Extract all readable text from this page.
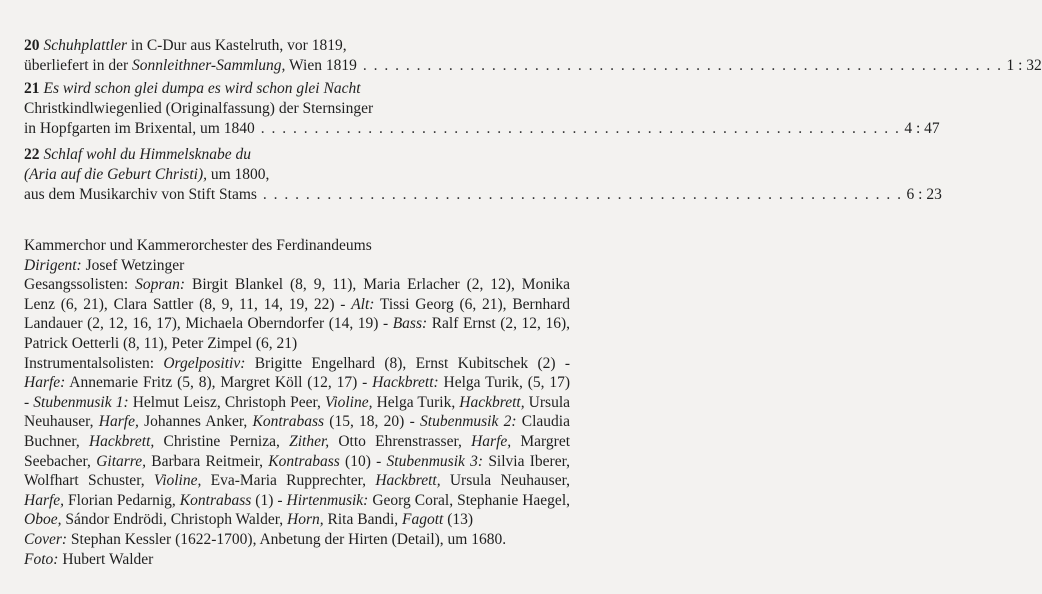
20 Schuhplattler in C-Dur aus Kastelruth, vor 1819,
überliefert in der Sonnleithner-Sammlung, Wien 1819 . . . . . . . . . . . . . . . . . . . . . . . . . . . . . . . . . . . . . . . . . . . . . . . . . . . . . . . . . . . . 1 : 32
21 Es wird schon glei dumpa es wird schon glei Nacht
Christkindlwiegenlied (Originalfassung) der Sternsinger
in Hopfgarten im Brixental, um 1840 . . . . . . . . . . . . . . . . . . . . . . . . . . . . . . . . . . . . . . . . . . . . . . . . . . . . . . . . . . . . 4 : 47
22 Schlaf wohl du Himmelsknabe du
(Aria auf die Geburt Christi), um 1800,
aus dem Musikarchiv von Stift Stams . . . . . . . . . . . . . . . . . . . . . . . . . . . . . . . . . . . . . . . . . . . . . . . . . . . . . . . . . . . . 6 : 23

Kammerchor und Kammerorchester des Ferdinandeums

Dirigent: Josef Wetzinger

Gesangssolisten: Sopran: Birgit Blankel (8, 9, 11), Maria Erlacher (2, 12), Monika

Lenz (6, 21), Clara Sattler (8, 9, 11, 14, 19, 22) - Alt: Tissi Georg (6, 21), Bernhard

Landauer (2, 12, 16, 17), Michaela Oberndorfer (14, 19) - Bass: Ralf Ernst (2, 12, 16),

Patrick Oetterli (8, 11), Peter Zimpel (6, 21)

Instrumentalsolisten: Orgelpositiv: Brigitte Engelhard (8), Ernst Kubitschek (2) -

Harfe: Annemarie Fritz (5, 8), Margret Köll (12, 17) - Hackbrett: Helga Turik, (5, 17)

- Stubenmusik 1: Helmut Leisz, Christoph Peer, Violine, Helga Turik, Hackbrett, Ursula

Neuhauser, Harfe, Johannes Anker, Kontrabass (15, 18, 20) - Stubenmusik 2: Claudia

Buchner, Hackbrett, Christine Perniza, Zither, Otto Ehrenstrasser, Harfe, Margret

Seebacher, Gitarre, Barbara Reitmeir, Kontrabass (10) - Stubenmusik 3: Silvia Iberer,

Wolfhart Schuster, Violine, Eva-Maria Rupprechter, Hackbrett, Ursula Neuhauser,

Harfe, Florian Pedarnig, Kontrabass (1) - Hirtenmusik: Georg Coral, Stephanie Haegel,

Oboe, Sándor Endrödi, Christoph Walder, Horn, Rita Bandi, Fagott (13)

Cover: Stephan Kessler (1622-1700), Anbetung der Hirten (Detail), um 1680.

Foto: Hubert Walder
